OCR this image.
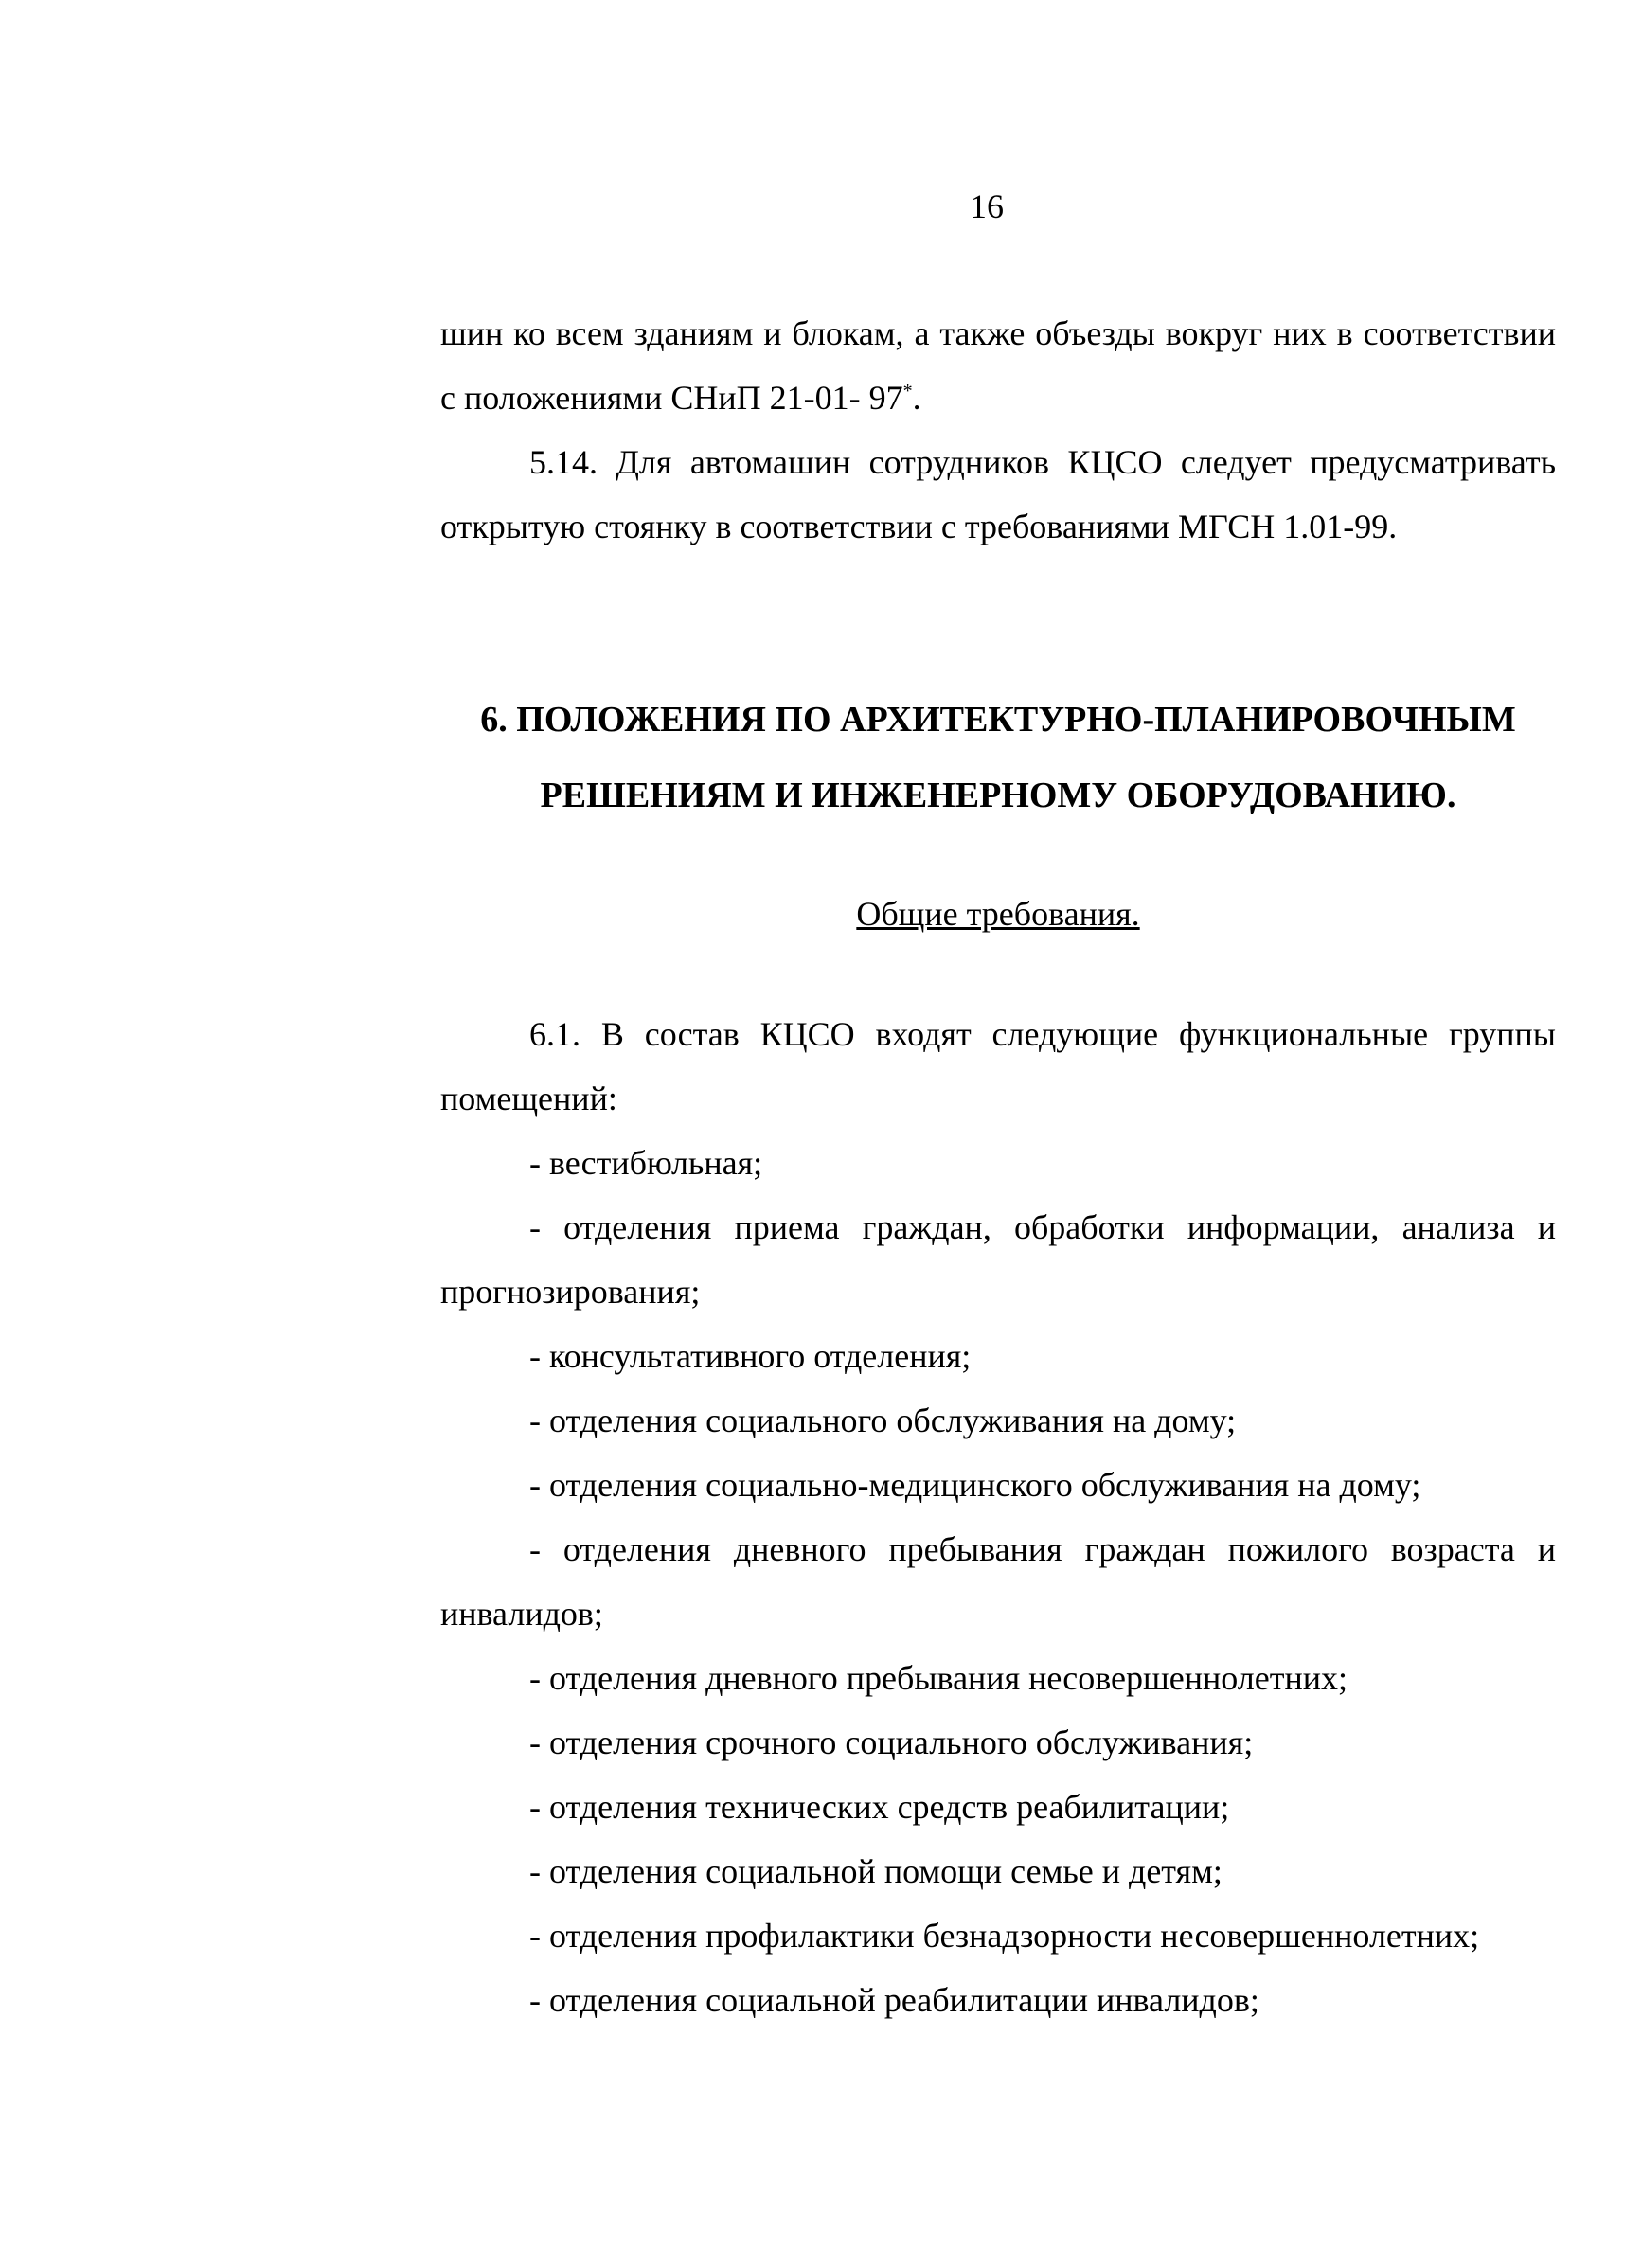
16

шин ко всем зданиям и блокам, а также объезды вокруг них в соответствии с положениями СНиП 21-01- 97*.

5.14. Для автомашин сотрудников КЦСО следует предусматривать открытую стоянку в соответствии с требованиями МГСН 1.01-99.

6. ПОЛОЖЕНИЯ ПО АРХИТЕКТУРНО-ПЛАНИРОВОЧНЫМ
РЕШЕНИЯМ И ИНЖЕНЕРНОМУ ОБОРУДОВАНИЮ.
Общие требования.

6.1. В состав КЦСО входят следующие функциональные группы помещений:

- вестибюльная;

- отделения приема граждан, обработки информации, анализа и прогнозирования;

- консультативного отделения;

- отделения социального обслуживания на дому;

- отделения социально-медицинского обслуживания на дому;

- отделения дневного пребывания граждан пожилого возраста и инвалидов;

- отделения дневного пребывания несовершеннолетних;

- отделения срочного социального обслуживания;

- отделения технических средств реабилитации;

- отделения социальной помощи семье и детям;

- отделения профилактики безнадзорности несовершеннолетних;

- отделения социальной реабилитации инвалидов;
